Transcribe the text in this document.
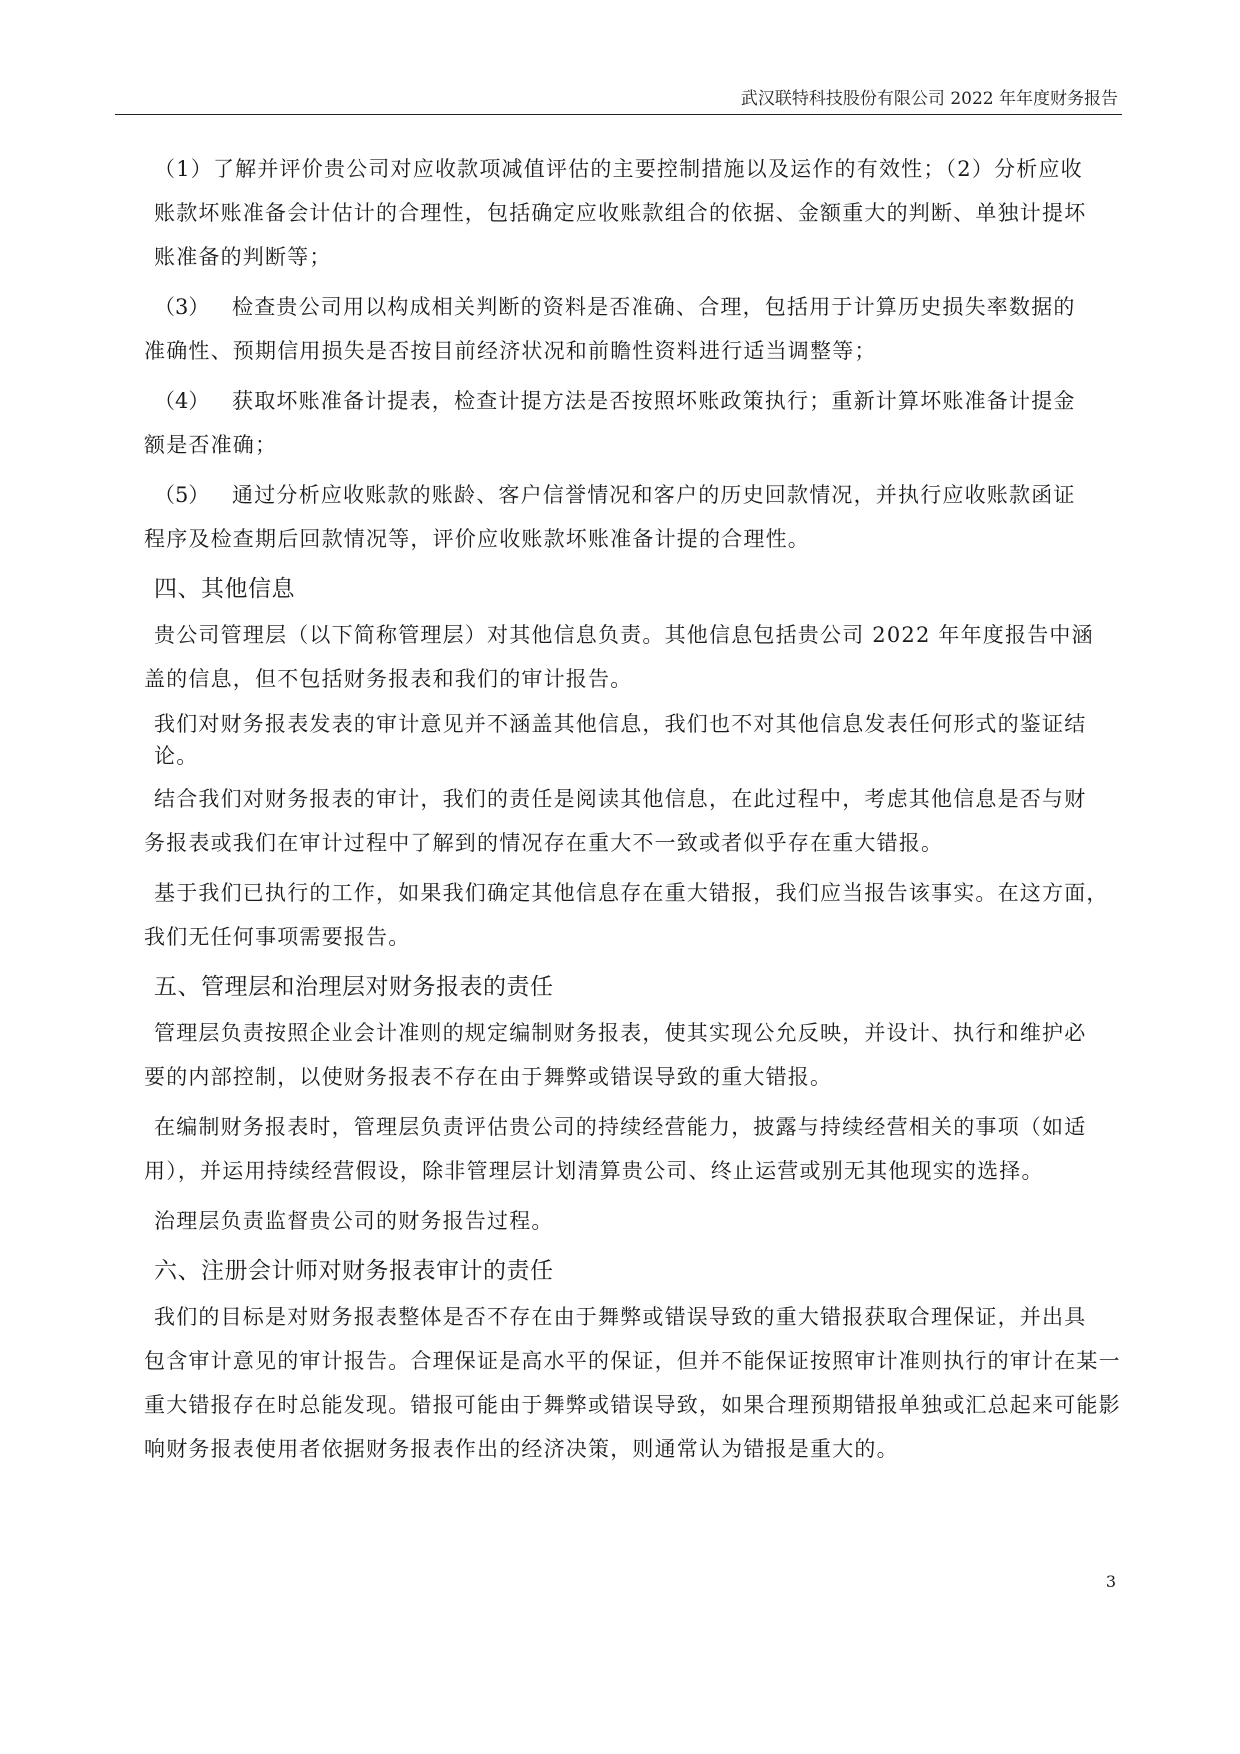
武汉联特科技股份有限公司 2022 年年度财务报告

（1）了解并评价贵公司对应收款项减值评估的主要控制措施以及运作的有效性；（2）分析应收

账款坏账准备会计估计的合理性，包括确定应收账款组合的依据、金额重大的判断、单独计提坏

账准备的判断等；

（3） 检查贵公司用以构成相关判断的资料是否准确、合理，包括用于计算历史损失率数据的

准确性、预期信用损失是否按目前经济状况和前瞻性资料进行适当调整等；

（4） 获取坏账准备计提表，检查计提方法是否按照坏账政策执行；重新计算坏账准备计提金

额是否准确；

（5） 通过分析应收账款的账龄、客户信誉情况和客户的历史回款情况，并执行应收账款函证

程序及检查期后回款情况等，评价应收账款坏账准备计提的合理性。

四、其他信息

贵公司管理层（以下简称管理层）对其他信息负责。其他信息包括贵公司 2022 年年度报告中涵

盖的信息，但不包括财务报表和我们的审计报告。

我们对财务报表发表的审计意见并不涵盖其他信息，我们也不对其他信息发表任何形式的鉴证结

论。

结合我们对财务报表的审计，我们的责任是阅读其他信息，在此过程中，考虑其他信息是否与财

务报表或我们在审计过程中了解到的情况存在重大不一致或者似乎存在重大错报。

基于我们已执行的工作，如果我们确定其他信息存在重大错报，我们应当报告该事实。在这方面，

我们无任何事项需要报告。

五、管理层和治理层对财务报表的责任

管理层负责按照企业会计准则的规定编制财务报表，使其实现公允反映，并设计、执行和维护必

要的内部控制，以使财务报表不存在由于舞弊或错误导致的重大错报。

在编制财务报表时，管理层负责评估贵公司的持续经营能力，披露与持续经营相关的事项（如适

用），并运用持续经营假设，除非管理层计划清算贵公司、终止运营或别无其他现实的选择。

治理层负责监督贵公司的财务报告过程。

六、注册会计师对财务报表审计的责任

我们的目标是对财务报表整体是否不存在由于舞弊或错误导致的重大错报获取合理保证，并出具

包含审计意见的审计报告。合理保证是高水平的保证，但并不能保证按照审计准则执行的审计在某一

重大错报存在时总能发现。错报可能由于舞弊或错误导致，如果合理预期错报单独或汇总起来可能影

响财务报表使用者依据财务报表作出的经济决策，则通常认为错报是重大的。

3
